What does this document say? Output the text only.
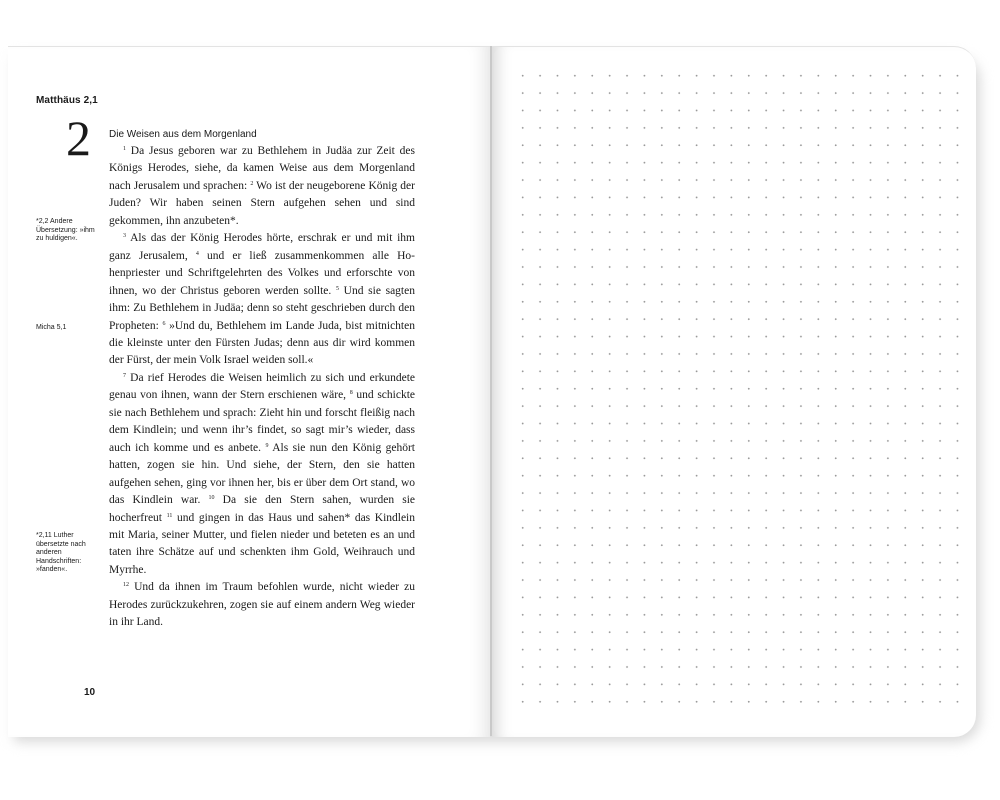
Matthäus 2,1
2 Die Weisen aus dem Morgenland

$^1$ Da Jesus geboren war zu Bethlehem in Judäa zur Zeit des Königs Herodes, siehe, da kamen Weise aus dem Morgenland nach Jerusalem und sprachen: $^2$ Wo ist der neugeborene König der Juden? Wir haben seinen Stern aufgehen sehen und sind gekommen, ihn anzubeten*.

$^3$ Als das der König Herodes hörte, erschrak er und mit ihm ganz Jerusalem, $^4$ und er ließ zusammenkommen alle Hohenpriester und Schriftgelehrten des Volkes und erforschte von ihnen, wo der Christus geboren werden sollte. $^5$ Und sie sagten ihm: Zu Bethlehem in Judäa; denn so steht geschrieben durch den Propheten: $^6$ »Und du, Bethlehem im Lande Juda, bist mitnichten die kleinste unter den Fürsten Judas; denn aus dir wird kommen der Fürst, der mein Volk Israel weiden soll.«

$^7$ Da rief Herodes die Weisen heimlich zu sich und erkundete genau von ihnen, wann der Stern erschienen wäre, $^8$ und schickte sie nach Bethlehem und sprach: Zieht hin und forscht fleißig nach dem Kindlein; und wenn ihr’s findet, so sagt mir’s wieder, dass auch ich komme und es anbete. $^9$ Als sie nun den König gehört hatten, zogen sie hin. Und siehe, der Stern, den sie hatten aufgehen sehen, ging vor ihnen her, bis er über dem Ort stand, wo das Kindlein war. $^{10}$ Da sie den Stern sahen, wurden sie hocherfreut $^{11}$ und gingen in das Haus und sahen* das Kindlein mit Maria, seiner Mutter, und fielen nieder und beteten es an und taten ihre Schätze auf und schenkten ihm Gold, Weihrauch und Myrrhe.

$^{12}$ Und da ihnen im Traum befohlen wurde, nicht wieder zu Herodes zurückzukehren, zogen sie auf einem andern Weg wieder in ihr Land.

*2,2 Andere Übersetzung: »ihm zu huldigen«.
Micha 5,1
*2,11 Luther übersetzte nach anderen Handschriften: »fanden«.
10
